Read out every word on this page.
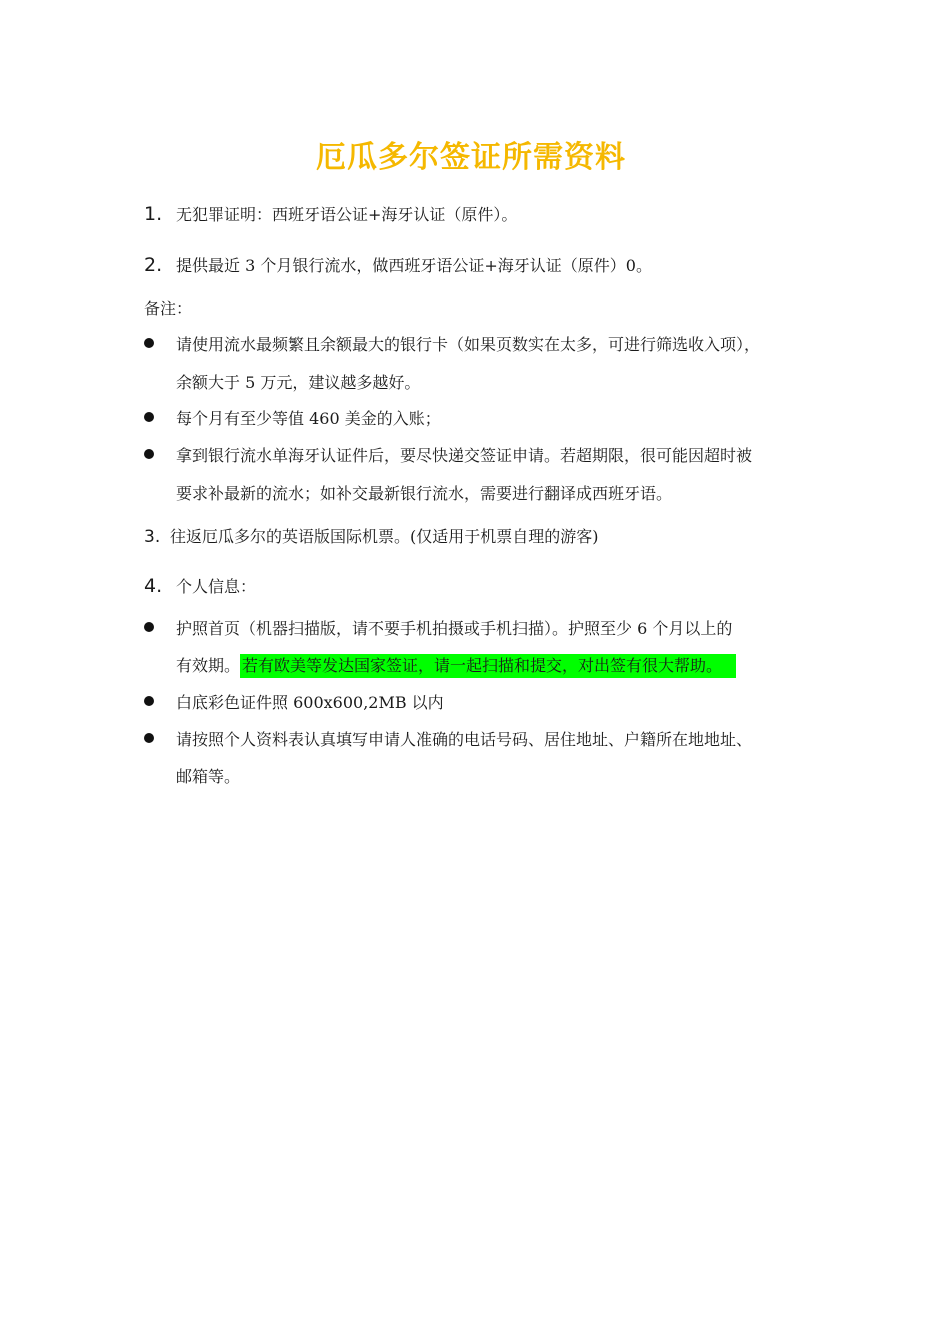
厄瓜多尔签证所需资料
1. 无犯罪证明：西班牙语公证+海牙认证（原件）。
2. 提供最近 3 个月银行流水，做西班牙语公证+海牙认证（原件）0。
备注：
请使用流水最频繁且余额最大的银行卡（如果页数实在太多，可进行筛选收入项），
余额大于 5 万元，建议越多越好。
每个月有至少等值 460 美金的入账；
拿到银行流水单海牙认证件后，要尽快递交签证申请。若超期限，很可能因超时被
要求补最新的流水；如补交最新银行流水，需要进行翻译成西班牙语。
3. 往返厄瓜多尔的英语版国际机票。(仅适用于机票自理的游客)
4. 个人信息：
护照首页（机器扫描版，请不要手机拍摄或手机扫描）。护照至少 6 个月以上的
有效期。 若有欧美等发达国家签证，请一起扫描和提交，对出签有很大帮助。
白底彩色证件照 600x600,2MB 以内
请按照个人资料表认真填写申请人准确的电话号码、居住地址、户籍所在地地址、
邮箱等。
